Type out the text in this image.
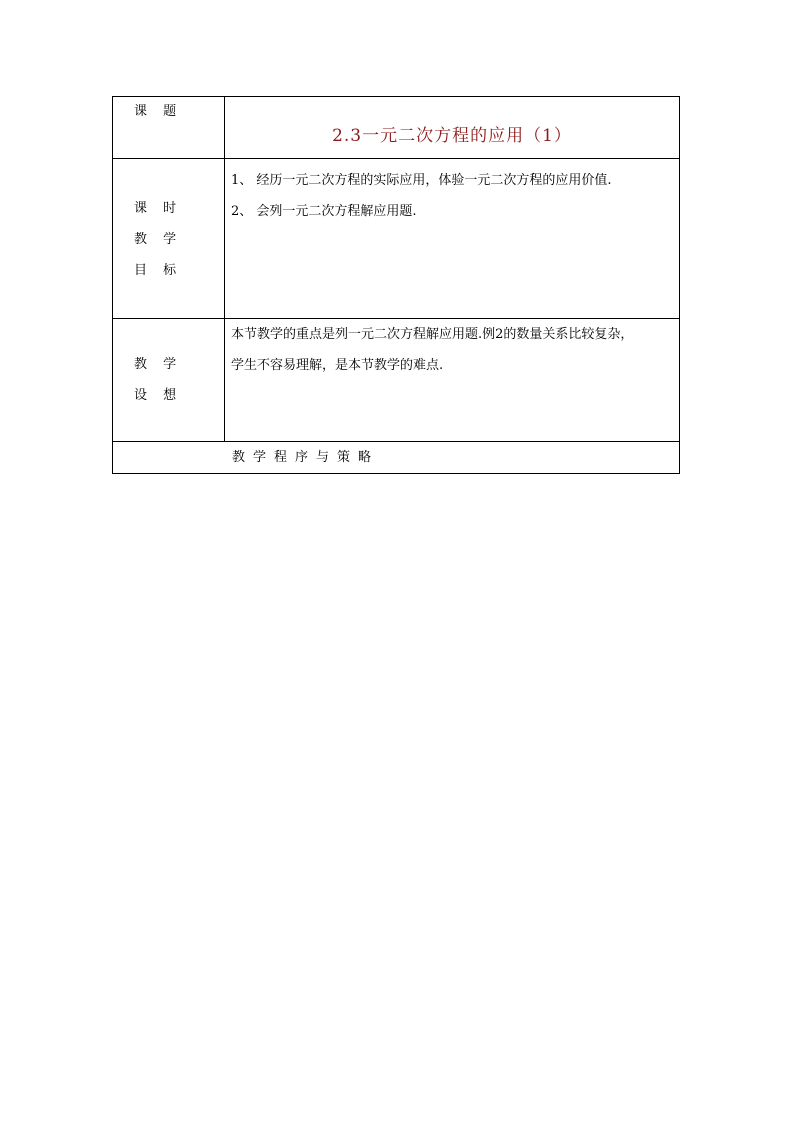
课 题	2.3一元二次方程的应用（1）

课 时
教 学
目 标	1、 经历一元二次方程的实际应用，体验一元二次方程的应用价值.
2、 会列一元二次方程解应用题.

教 学
设 想	本节教学的重点是列一元二次方程解应用题.例2的数量关系比较复杂，
学生不容易理解，是本节教学的难点.

教学程序与策略	
